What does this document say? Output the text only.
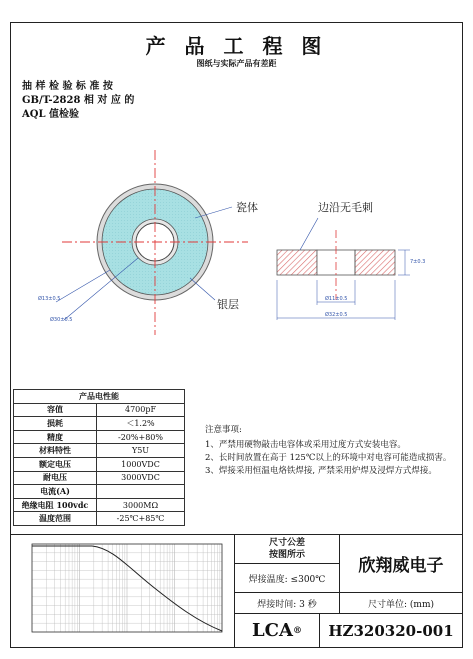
产 品 工 程 图
图纸与实际产品有差距
抽 样 检 验 标 准 按
GB/T-2828 相 对 应 的
AQL 值检验
瓷体	边沿无毛刺
银层
Ø13±0.5
Ø30±0.5
Ø11±0.5
Ø32±0.5
7±0.3
产品电性能	
容值	4700pF
损耗	＜1.2%
精度	-20%+80%
材料特性	Y5U
额定电压	1000VDC
耐电压	3000VDC
电流(A)	
绝缘电阻 100vdc	3000MΩ
温度范围	-25℃+85℃
注意事项:
1、严禁用硬物敲击电容体或采用过度方式安装电容。
2、长时间放置在高于 125℃以上的环境中对电容可能造成损害。
3、焊接采用恒温电烙铁焊接, 严禁采用炉焊及浸焊方式焊接。
尺寸公差
按图所示
焊接温度: ≤300℃
欣翔威电子
焊接时间: 3 秒	尺寸单位: (mm)
LCA ®	HZ320320-001
